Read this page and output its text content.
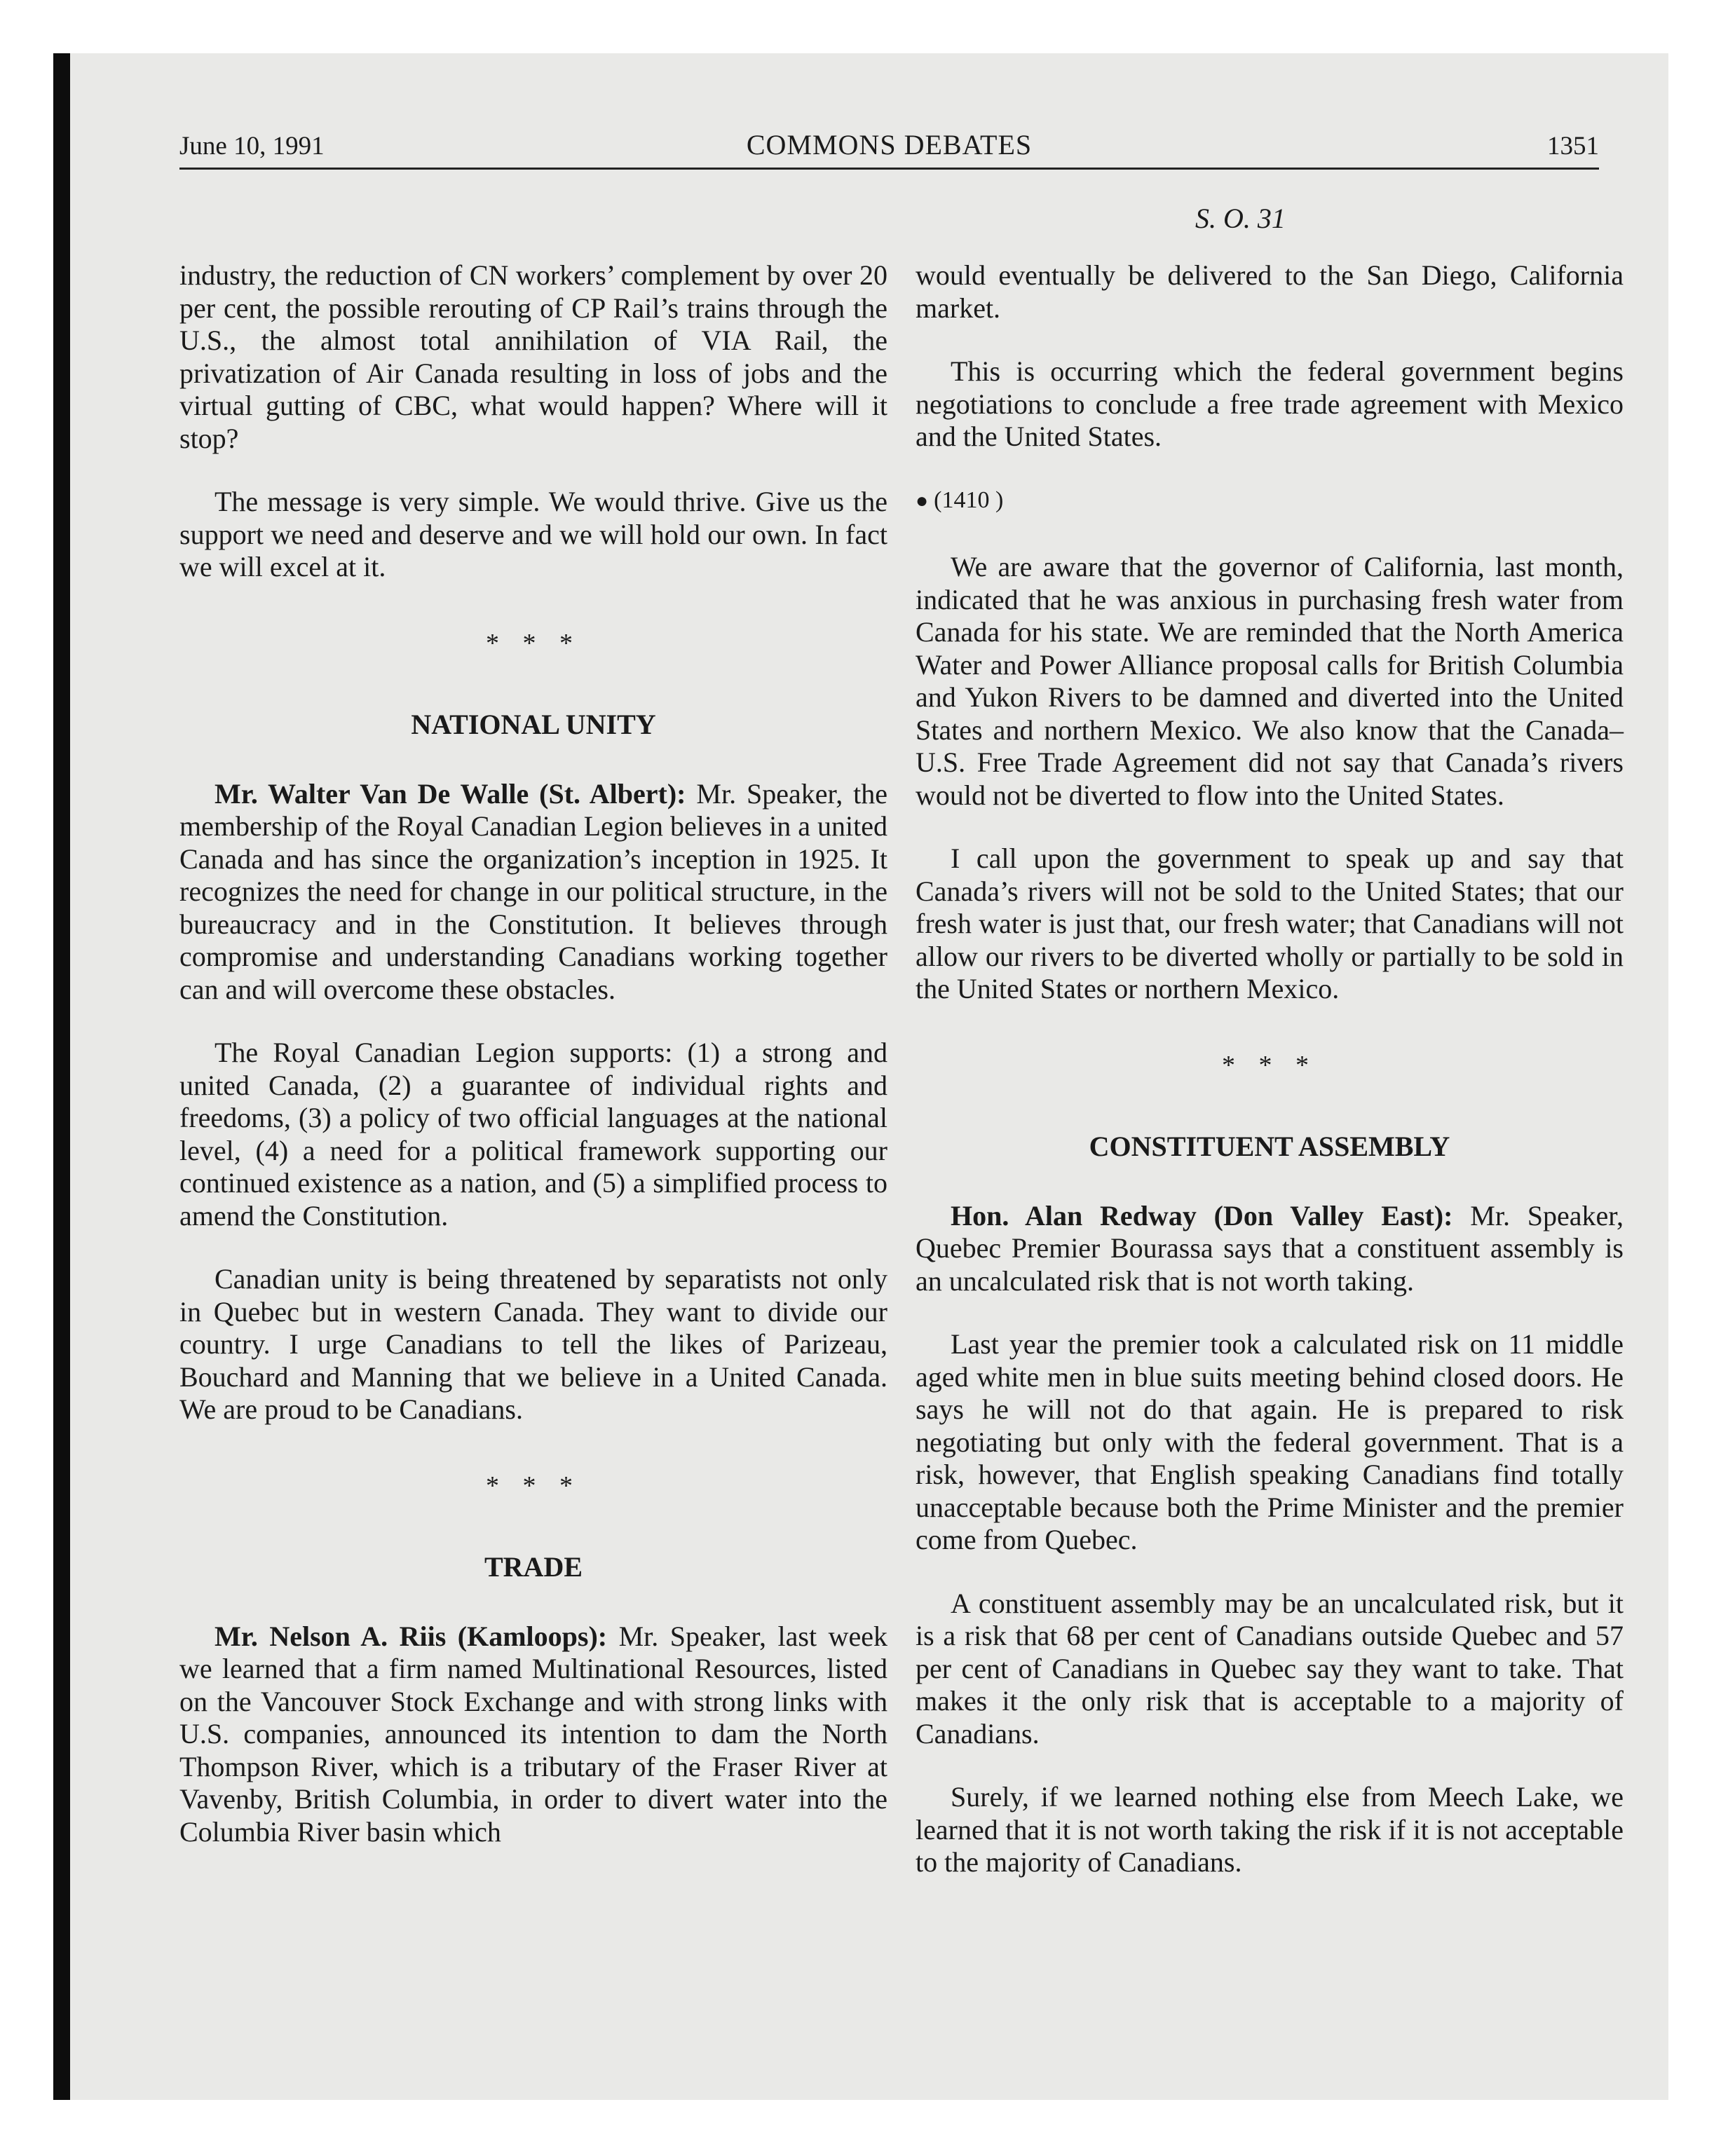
June 10, 1991	COMMONS DEBATES	1351
S. O. 31

industry, the reduction of CN workers’ complement by over 20 per cent, the possible rerouting of CP Rail’s trains through the U.S., the almost total annihilation of VIA Rail, the privatization of Air Canada resulting in loss of jobs and the virtual gutting of CBC, what would happen? Where will it stop?

The message is very simple. We would thrive. Give us the support we need and deserve and we will hold our own. In fact we will excel at it.

* * *
NATIONAL UNITY

Mr. Walter Van De Walle (St. Albert): Mr. Speaker, the membership of the Royal Canadian Legion believes in a united Canada and has since the organization’s inception in 1925. It recognizes the need for change in our political structure, in the bureaucracy and in the Constitution. It believes through compromise and understanding Canadians working together can and will overcome these obstacles.

The Royal Canadian Legion supports: (1) a strong and united Canada, (2) a guarantee of individual rights and freedoms, (3) a policy of two official languages at the national level, (4) a need for a political framework supporting our continued existence as a nation, and (5) a simplified process to amend the Constitution.

Canadian unity is being threatened by separatists not only in Quebec but in western Canada. They want to divide our country. I urge Canadians to tell the likes of Parizeau, Bouchard and Manning that we believe in a United Canada. We are proud to be Canadians.

* * *
TRADE

Mr. Nelson A. Riis (Kamloops): Mr. Speaker, last week we learned that a firm named Multinational Resources, listed on the Vancouver Stock Exchange and with strong links with U.S. companies, announced its intention to dam the North Thompson River, which is a tributary of the Fraser River at Vavenby, British Columbia, in order to divert water into the Columbia River basin which

would eventually be delivered to the San Diego, California market.

This is occurring which the federal government begins negotiations to conclude a free trade agreement with Mexico and the United States.

● (1410 )

We are aware that the governor of California, last month, indicated that he was anxious in purchasing fresh water from Canada for his state. We are reminded that the North America Water and Power Alliance proposal calls for British Columbia and Yukon Rivers to be damned and diverted into the United States and northern Mexico. We also know that the Canada–U.S. Free Trade Agreement did not say that Canada’s rivers would not be diverted to flow into the United States.

I call upon the government to speak up and say that Canada’s rivers will not be sold to the United States; that our fresh water is just that, our fresh water; that Canadians will not allow our rivers to be diverted wholly or partially to be sold in the United States or northern Mexico.

* * *
CONSTITUENT ASSEMBLY

Hon. Alan Redway (Don Valley East): Mr. Speaker, Quebec Premier Bourassa says that a constituent assembly is an uncalculated risk that is not worth taking.

Last year the premier took a calculated risk on 11 middle aged white men in blue suits meeting behind closed doors. He says he will not do that again. He is prepared to risk negotiating but only with the federal government. That is a risk, however, that English speaking Canadians find totally unacceptable because both the Prime Minister and the premier come from Quebec.

A constituent assembly may be an uncalculated risk, but it is a risk that 68 per cent of Canadians outside Quebec and 57 per cent of Canadians in Quebec say they want to take. That makes it the only risk that is acceptable to a majority of Canadians.

Surely, if we learned nothing else from Meech Lake, we learned that it is not worth taking the risk if it is not acceptable to the majority of Canadians.
